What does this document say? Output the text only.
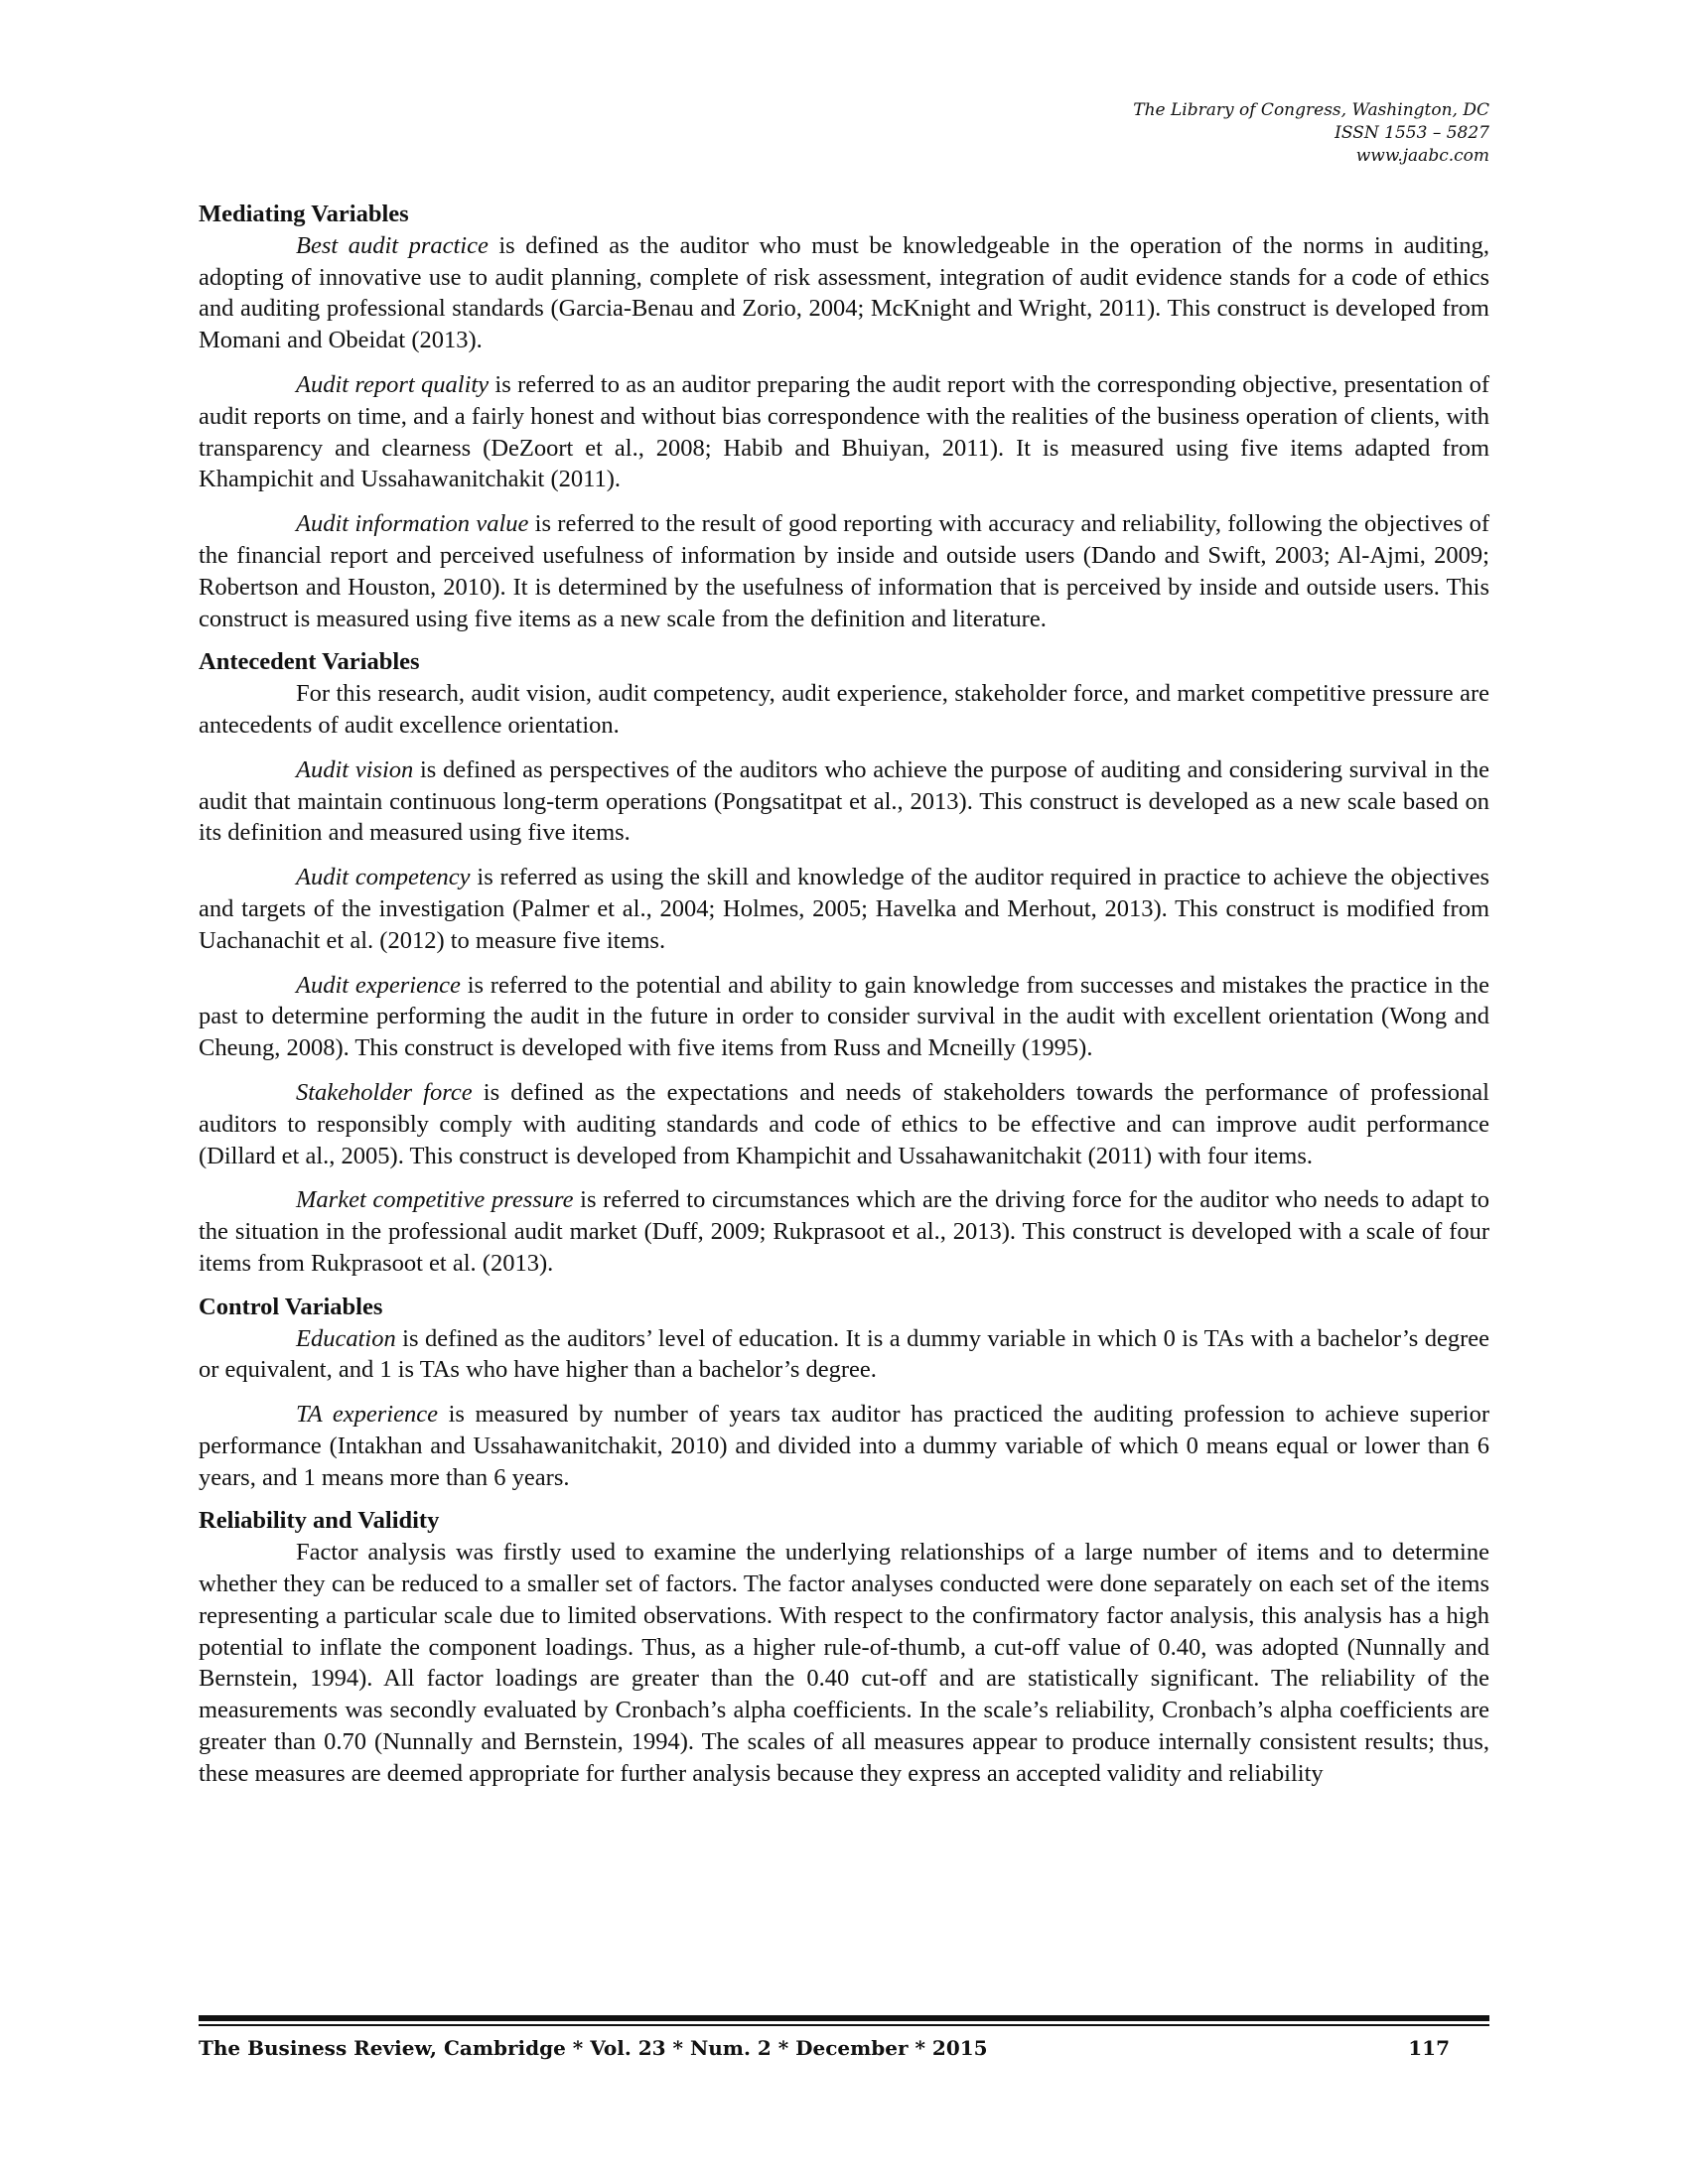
The Library of Congress, Washington, DC
ISSN 1553 – 5827
www.jaabc.com
Mediating Variables

Best audit practice is defined as the auditor who must be knowledgeable in the operation of the norms in auditing, adopting of innovative use to audit planning, complete of risk assessment, integration of audit evidence stands for a code of ethics and auditing professional standards (Garcia-Benau and Zorio, 2004; McKnight and Wright, 2011). This construct is developed from Momani and Obeidat (2013).

Audit report quality is referred to as an auditor preparing the audit report with the corresponding objective, presentation of audit reports on time, and a fairly honest and without bias correspondence with the realities of the business operation of clients, with transparency and clearness (DeZoort et al., 2008; Habib and Bhuiyan, 2011). It is measured using five items adapted from Khampichit and Ussahawanitchakit (2011).

Audit information value is referred to the result of good reporting with accuracy and reliability, following the objectives of the financial report and perceived usefulness of information by inside and outside users (Dando and Swift, 2003; Al-Ajmi, 2009; Robertson and Houston, 2010). It is determined by the usefulness of information that is perceived by inside and outside users. This construct is measured using five items as a new scale from the definition and literature.

Antecedent Variables

For this research, audit vision, audit competency, audit experience, stakeholder force, and market competitive pressure are antecedents of audit excellence orientation.

Audit vision is defined as perspectives of the auditors who achieve the purpose of auditing and considering survival in the audit that maintain continuous long-term operations (Pongsatitpat et al., 2013). This construct is developed as a new scale based on its definition and measured using five items.

Audit competency is referred as using the skill and knowledge of the auditor required in practice to achieve the objectives and targets of the investigation (Palmer et al., 2004; Holmes, 2005; Havelka and Merhout, 2013). This construct is modified from Uachanachit et al. (2012) to measure five items.

Audit experience is referred to the potential and ability to gain knowledge from successes and mistakes the practice in the past to determine performing the audit in the future in order to consider survival in the audit with excellent orientation (Wong and Cheung, 2008). This construct is developed with five items from Russ and Mcneilly (1995).

Stakeholder force is defined as the expectations and needs of stakeholders towards the performance of professional auditors to responsibly comply with auditing standards and code of ethics to be effective and can improve audit performance (Dillard et al., 2005). This construct is developed from Khampichit and Ussahawanitchakit (2011) with four items.

Market competitive pressure is referred to circumstances which are the driving force for the auditor who needs to adapt to the situation in the professional audit market (Duff, 2009; Rukprasoot et al., 2013). This construct is developed with a scale of four items from Rukprasoot et al. (2013).

Control Variables

Education is defined as the auditors’ level of education. It is a dummy variable in which 0 is TAs with a bachelor’s degree or equivalent, and 1 is TAs who have higher than a bachelor’s degree.

TA experience is measured by number of years tax auditor has practiced the auditing profession to achieve superior performance (Intakhan and Ussahawanitchakit, 2010) and divided into a dummy variable of which 0 means equal or lower than 6 years, and 1 means more than 6 years.

Reliability and Validity

Factor analysis was firstly used to examine the underlying relationships of a large number of items and to determine whether they can be reduced to a smaller set of factors. The factor analyses conducted were done separately on each set of the items representing a particular scale due to limited observations. With respect to the confirmatory factor analysis, this analysis has a high potential to inflate the component loadings. Thus, as a higher rule-of-thumb, a cut-off value of 0.40, was adopted (Nunnally and Bernstein, 1994). All factor loadings are greater than the 0.40 cut-off and are statistically significant. The reliability of the measurements was secondly evaluated by Cronbach’s alpha coefficients. In the scale’s reliability, Cronbach’s alpha coefficients are greater than 0.70 (Nunnally and Bernstein, 1994). The scales of all measures appear to produce internally consistent results; thus, these measures are deemed appropriate for further analysis because they express an accepted validity and reliability

The Business Review, Cambridge * Vol. 23 * Num. 2 * December * 2015	117
